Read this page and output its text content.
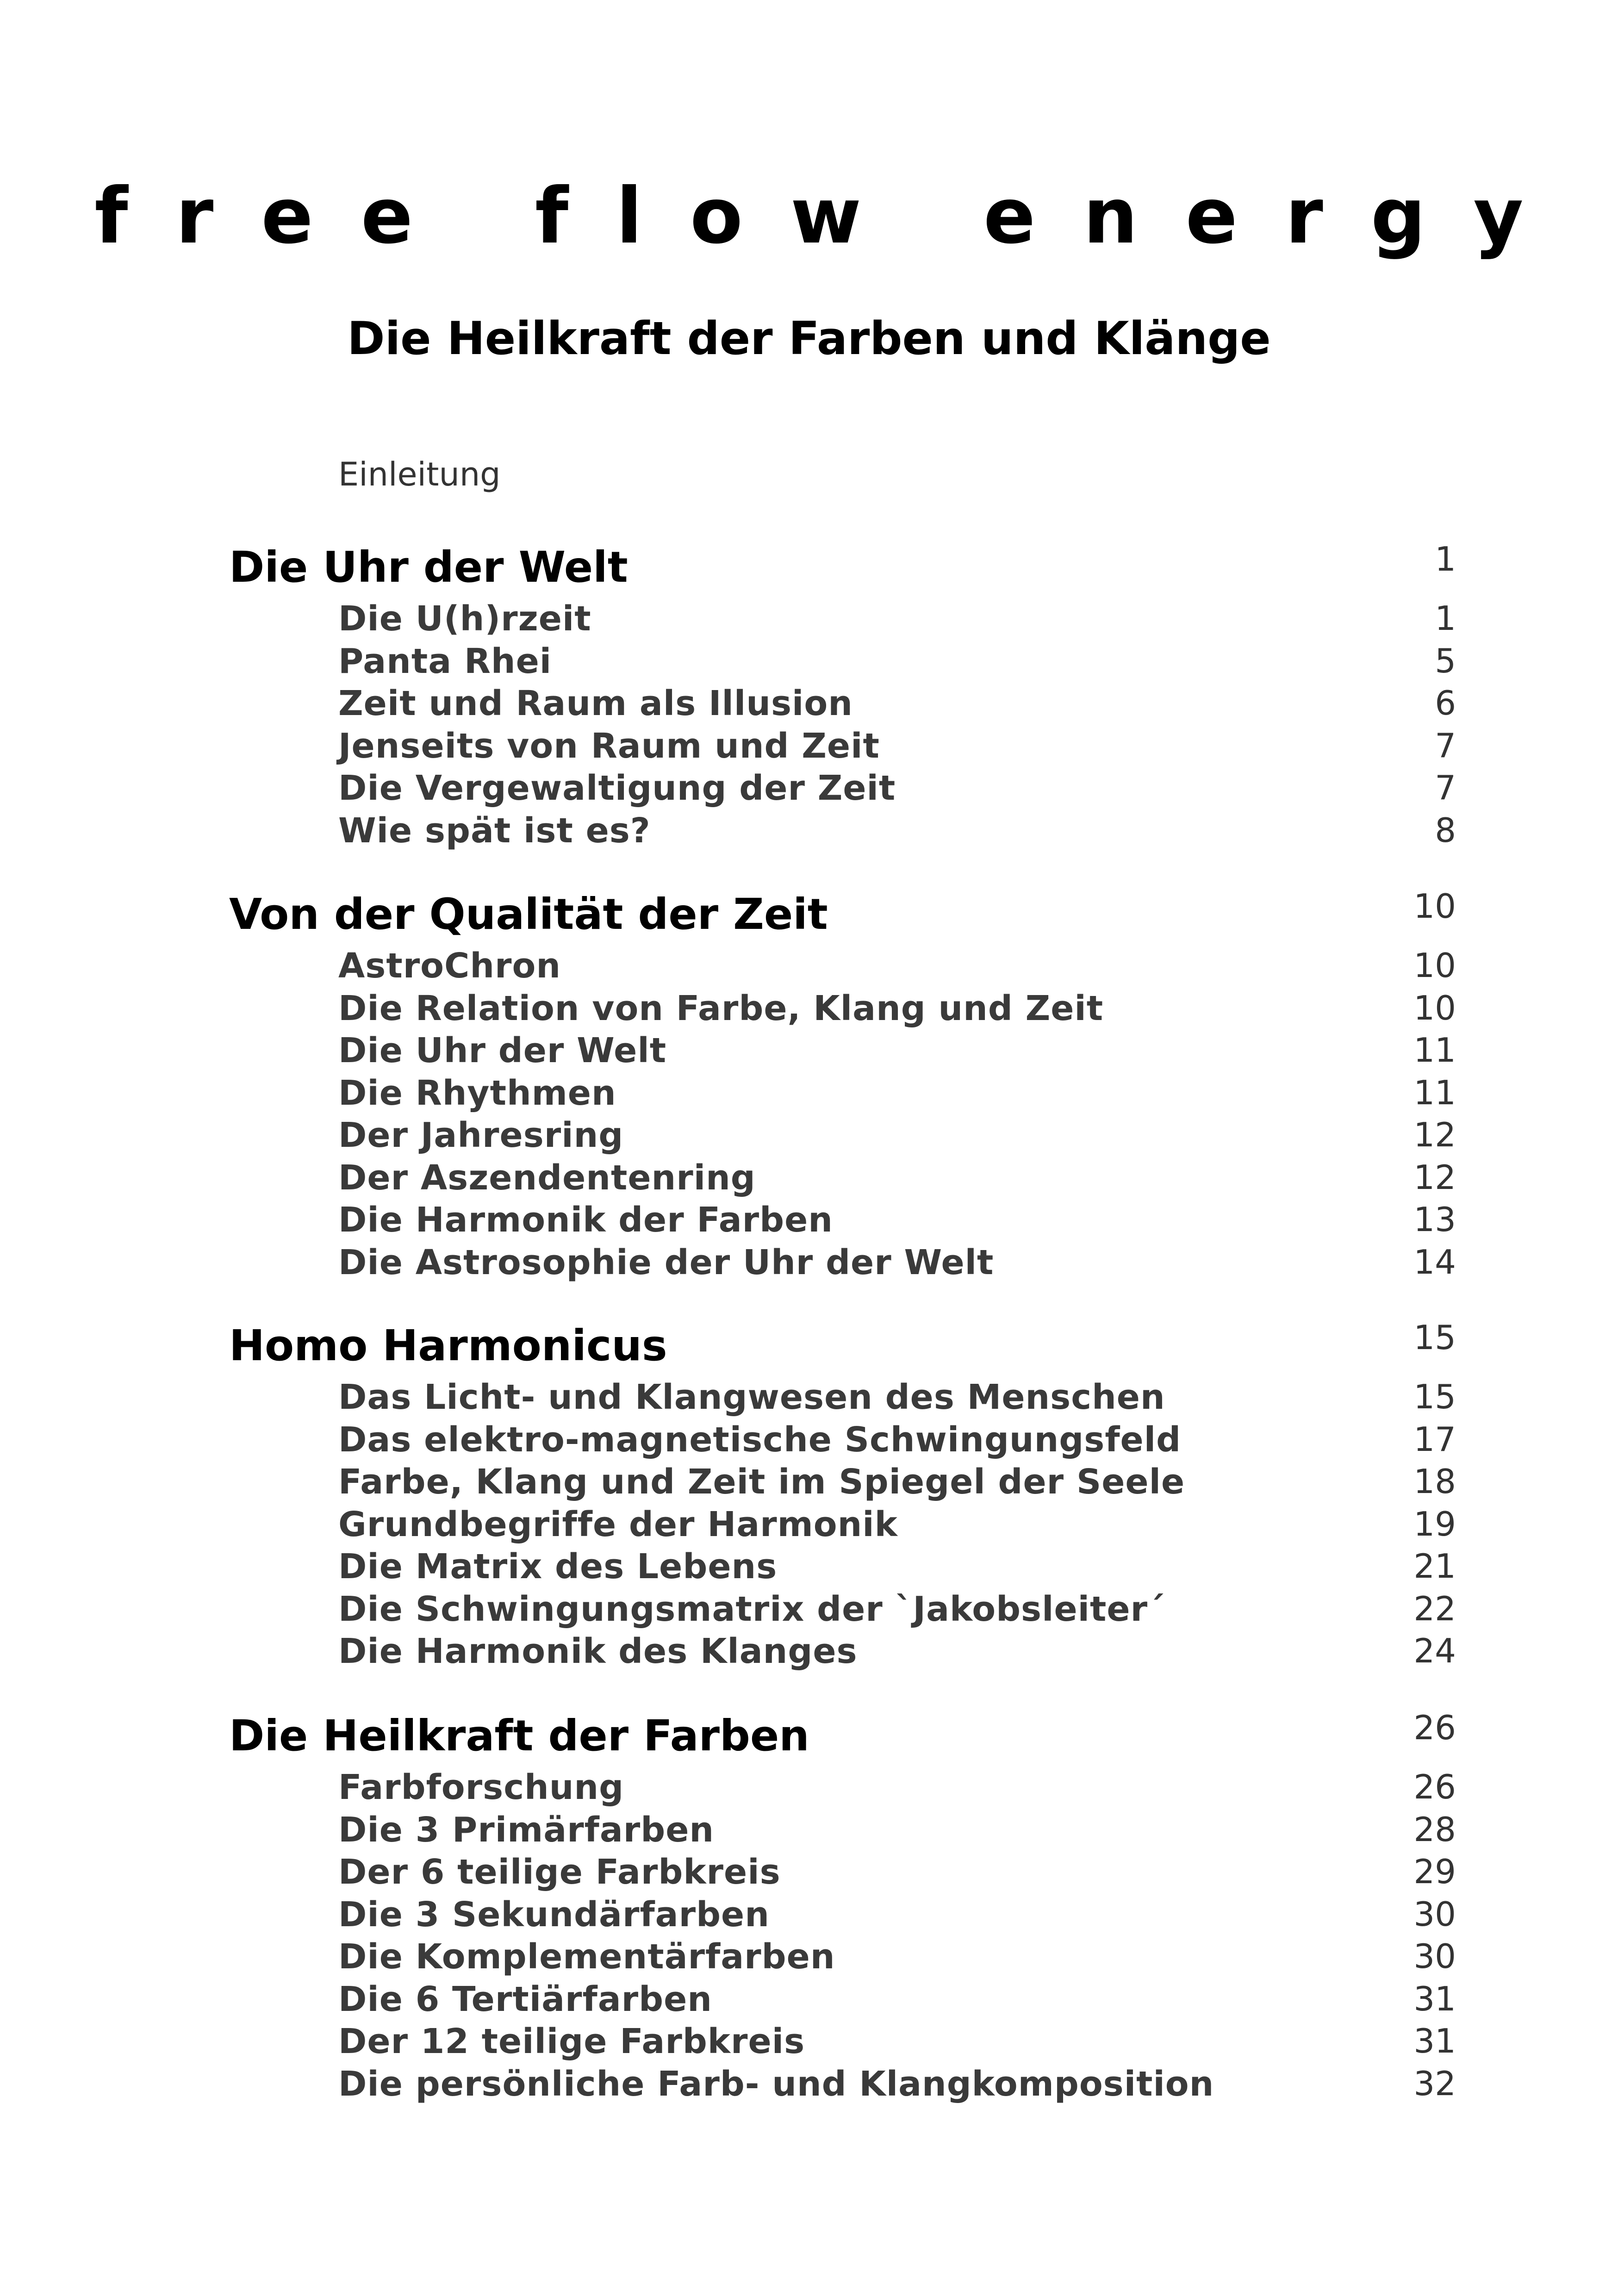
free flow energy
Die Heilkraft der Farben und Klänge
Einleitung
Die Uhr der Welt	1
Die U(h)rzeit	1
Panta Rhei	5
Zeit und Raum als Illusion	6
Jenseits von Raum und Zeit	7
Die Vergewaltigung der Zeit	7
Wie spät ist es?	8
Von der Qualität der Zeit	10
AstroChron	10
Die Relation von Farbe, Klang und Zeit	10
Die Uhr der Welt	11
Die Rhythmen	11
Der Jahresring	12
Der Aszendentenring	12
Die Harmonik der Farben	13
Die Astrosophie der Uhr der Welt	14
Homo Harmonicus	15
Das Licht- und Klangwesen des Menschen	15
Das elektro-magnetische Schwingungsfeld	17
Farbe, Klang und Zeit im Spiegel der Seele	18
Grundbegriffe der Harmonik	19
Die Matrix des Lebens	21
Die Schwingungsmatrix der `Jakobsleiter´	22
Die Harmonik des Klanges	24
Die Heilkraft der Farben	26
Farbforschung	26
Die 3 Primärfarben	28
Der 6 teilige Farbkreis	29
Die 3 Sekundärfarben	30
Die Komplementärfarben	30
Die 6 Tertiärfarben	31
Der 12 teilige Farbkreis	31
Die persönliche Farb- und Klangkomposition	32
